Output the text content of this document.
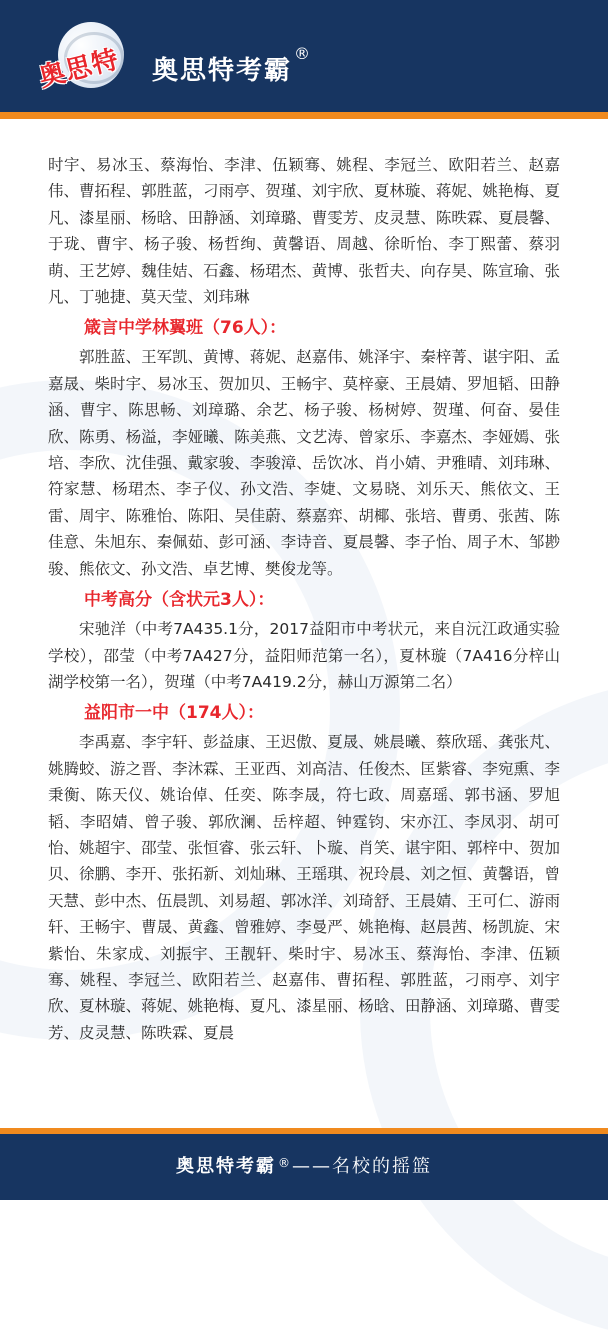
奥思特 奥思特考霸®

时宇、易冰玉、蔡海怡、李津、伍颖骞、姚程、李冠兰、欧阳若兰、赵嘉伟、曹拓程、郭胜蓝，刁雨亭、贺瑾、刘宇欣、夏林璇、蒋妮、姚艳梅、夏凡、漆星丽、杨晗、田静涵、刘璋璐、曹雯芳、皮灵慧、陈昳霖、夏晨馨、于珑、曹宇、杨子骏、杨哲绚、黄馨语、周越、徐昕怡、李丁熙蕾、蔡羽萌、王艺婷、魏佳姞、石鑫、杨珺杰、黄博、张哲夫、向存昊、陈宣瑜、张凡、丁驰捷、莫天莹、刘玮琳

箴言中学林翼班（76人）：

郭胜蓝、王军凯、黄博、蒋妮、赵嘉伟、姚泽宇、秦梓菁、谌宇阳、孟嘉晟、柴时宇、易冰玉、贺加贝、王畅宇、莫梓豪、王晨婧、罗旭韬、田静涵、曹宇、陈思畅、刘璋璐、余艺、杨子骏、杨树婷、贺瑾、何奋、晏佳欣、陈勇、杨溢，李娅曦、陈美燕、文艺涛、曾家乐、李嘉杰、李娅嫣、张培、李欣、沈佳强、戴家骏、李骏漳、岳饮冰、肖小婧、尹雅晴、刘玮琳、符家慧、杨珺杰、李子仪、孙文浩、李婕、文易晓、刘乐天、熊依文、王雷、周宇、陈雅怡、陈阳、吴佳蔚、蔡嘉弈、胡椰、张培、曹勇、张茜、陈佳意、朱旭东、秦佩茹、彭可涵、李诗音、夏晨馨、李子怡、周子木、邹尠骏、熊依文、孙文浩、卓艺博、樊俊龙等。

中考高分（含状元3人）：

宋驰洋（中考7A435.1分，2017益阳市中考状元，来自沅江政通实验学校），邵莹（中考7A427分，益阳师范第一名），夏林璇（7A416分梓山湖学校第一名），贺瑾（中考7A419.2分，赫山万源第二名）

益阳市一中（174人）：

李禹嘉、李宇轩、彭益康、王迟傲、夏晟、姚晨曦、蔡欣瑶、龚张芃、姚腾蛟、游之晋、李沐霖、王亚西、刘高洁、任俊杰、匡紫睿、李宛熏、李秉衡、陈天仪、姚诒倬、任奕、陈李晟，符七政、周嘉瑶、郭书涵、罗旭韬、李昭婧、曾子骏、郭欣澜、岳梓超、钟霆钧、宋亦江、李凤羽、胡可怡、姚超宇、邵莹、张恒睿、张云轩、卜璇、肖笑、谌宇阳、郭梓中、贺加贝、徐鹏、李开、张拓新、刘灿琳、王瑶琪、祝玲晨、刘之恒、黄馨语，曾天慧、彭中杰、伍晨凯、刘易超、郭冰洋、刘琦舒、王晨婧、王可仁、游雨轩、王畅宇、曹晟、黄鑫、曾雅婷、李曼严、姚艳梅、赵晨茜、杨凯旋、宋紫怡、朱家成、刘振宇、王靓轩、柴时宇、易冰玉、蔡海怡、李津、伍颖骞、姚程、李冠兰、欧阳若兰、赵嘉伟、曹拓程、郭胜蓝，刁雨亭、刘宇欣、夏林璇、蒋妮、姚艳梅、夏凡、漆星丽、杨晗、田静涵、刘璋璐、曹雯芳、皮灵慧、陈昳霖、夏晨

奥思特考霸 ®——名校的摇篮
